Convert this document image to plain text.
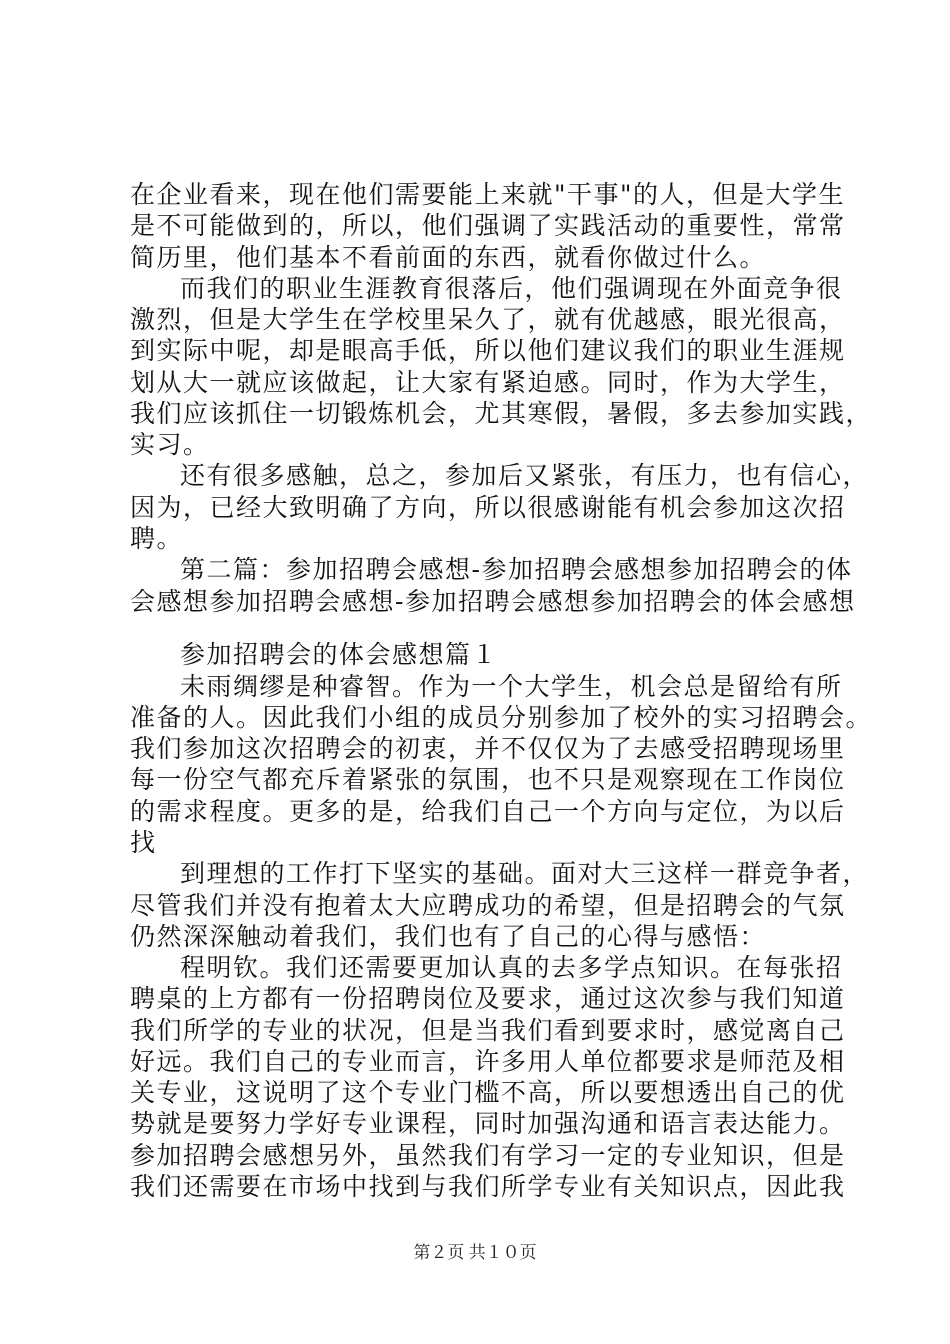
在企业看来，现在他们需要能上来就"干事"的人，但是大学生
是不可能做到的，所以，他们强调了实践活动的重要性，常常
简历里，他们基本不看前面的东西，就看你做过什么。
而我们的职业生涯教育很落后，他们强调现在外面竞争很
激烈，但是大学生在学校里呆久了，就有优越感，眼光很高，
到实际中呢，却是眼高手低，所以他们建议我们的职业生涯规
划从大一就应该做起，让大家有紧迫感。同时，作为大学生，
我们应该抓住一切锻炼机会，尤其寒假，暑假，多去参加实践，
实习。
还有很多感触，总之，参加后又紧张，有压力，也有信心，
因为，已经大致明确了方向，所以很感谢能有机会参加这次招
聘。
第二篇：参加招聘会感想-参加招聘会感想参加招聘会的体
会感想参加招聘会感想-参加招聘会感想参加招聘会的体会感想
参加招聘会的体会感想篇１
未雨绸缪是种睿智。作为一个大学生，机会总是留给有所
准备的人。因此我们小组的成员分别参加了校外的实习招聘会。
我们参加这次招聘会的初衷，并不仅仅为了去感受招聘现场里
每一份空气都充斥着紧张的氛围，也不只是观察现在工作岗位
的需求程度。更多的是，给我们自己一个方向与定位，为以后
找
到理想的工作打下坚实的基础。面对大三这样一群竞争者，
尽管我们并没有抱着太大应聘成功的希望，但是招聘会的气氛
仍然深深触动着我们，我们也有了自己的心得与感悟：
程明钦。我们还需要更加认真的去多学点知识。在每张招
聘桌的上方都有一份招聘岗位及要求，通过这次参与我们知道
我们所学的专业的状况，但是当我们看到要求时，感觉离自己
好远。我们自己的专业而言，许多用人单位都要求是师范及相
关专业，这说明了这个专业门槛不高，所以要想透出自己的优
势就是要努力学好专业课程，同时加强沟通和语言表达能力。
参加招聘会感想另外，虽然我们有学习一定的专业知识，但是
我们还需要在市场中找到与我们所学专业有关知识点，因此我
第２页 共１０页
